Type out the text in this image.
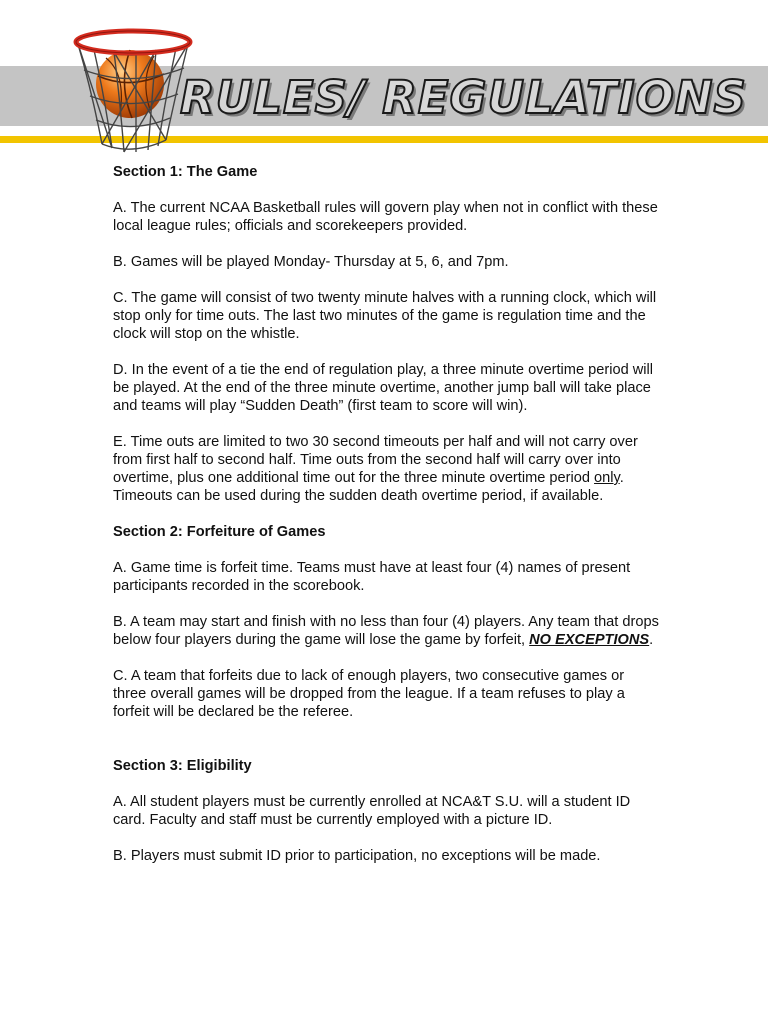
RULES/ REGULATIONS
Section 1: The Game

A. The current NCAA Basketball rules will govern play when not in conflict with these local league rules; officials and scorekeepers provided.

B. Games will be played Monday- Thursday at 5, 6, and 7pm.

C. The game will consist of two twenty minute halves with a running clock, which will stop only for time outs. The last two minutes of the game is regulation time and the clock will stop on the whistle.

D. In the event of a tie the end of regulation play, a three minute overtime period will be played. At the end of the three minute overtime, another jump ball will take place and teams will play “Sudden Death” (first team to score will win).

E. Time outs are limited to two 30 second timeouts per half and will not carry over from first half to second half. Time outs from the second half will carry over into overtime, plus one additional time out for the three minute overtime period only. Timeouts can be used during the sudden death overtime period, if available.

Section 2: Forfeiture of Games

A. Game time is forfeit time. Teams must have at least four (4) names of present participants recorded in the scorebook.

B. A team may start and finish with no less than four (4) players. Any team that drops below four players during the game will lose the game by forfeit, NO EXCEPTIONS.

C. A team that forfeits due to lack of enough players, two consecutive games or three overall games will be dropped from the league. If a team refuses to play a forfeit will be declared be the referee.

Section 3: Eligibility

A. All student players must be currently enrolled at NCA&T S.U. will a student ID card. Faculty and staff must be currently employed with a picture ID.

B. Players must submit ID prior to participation, no exceptions will be made.
